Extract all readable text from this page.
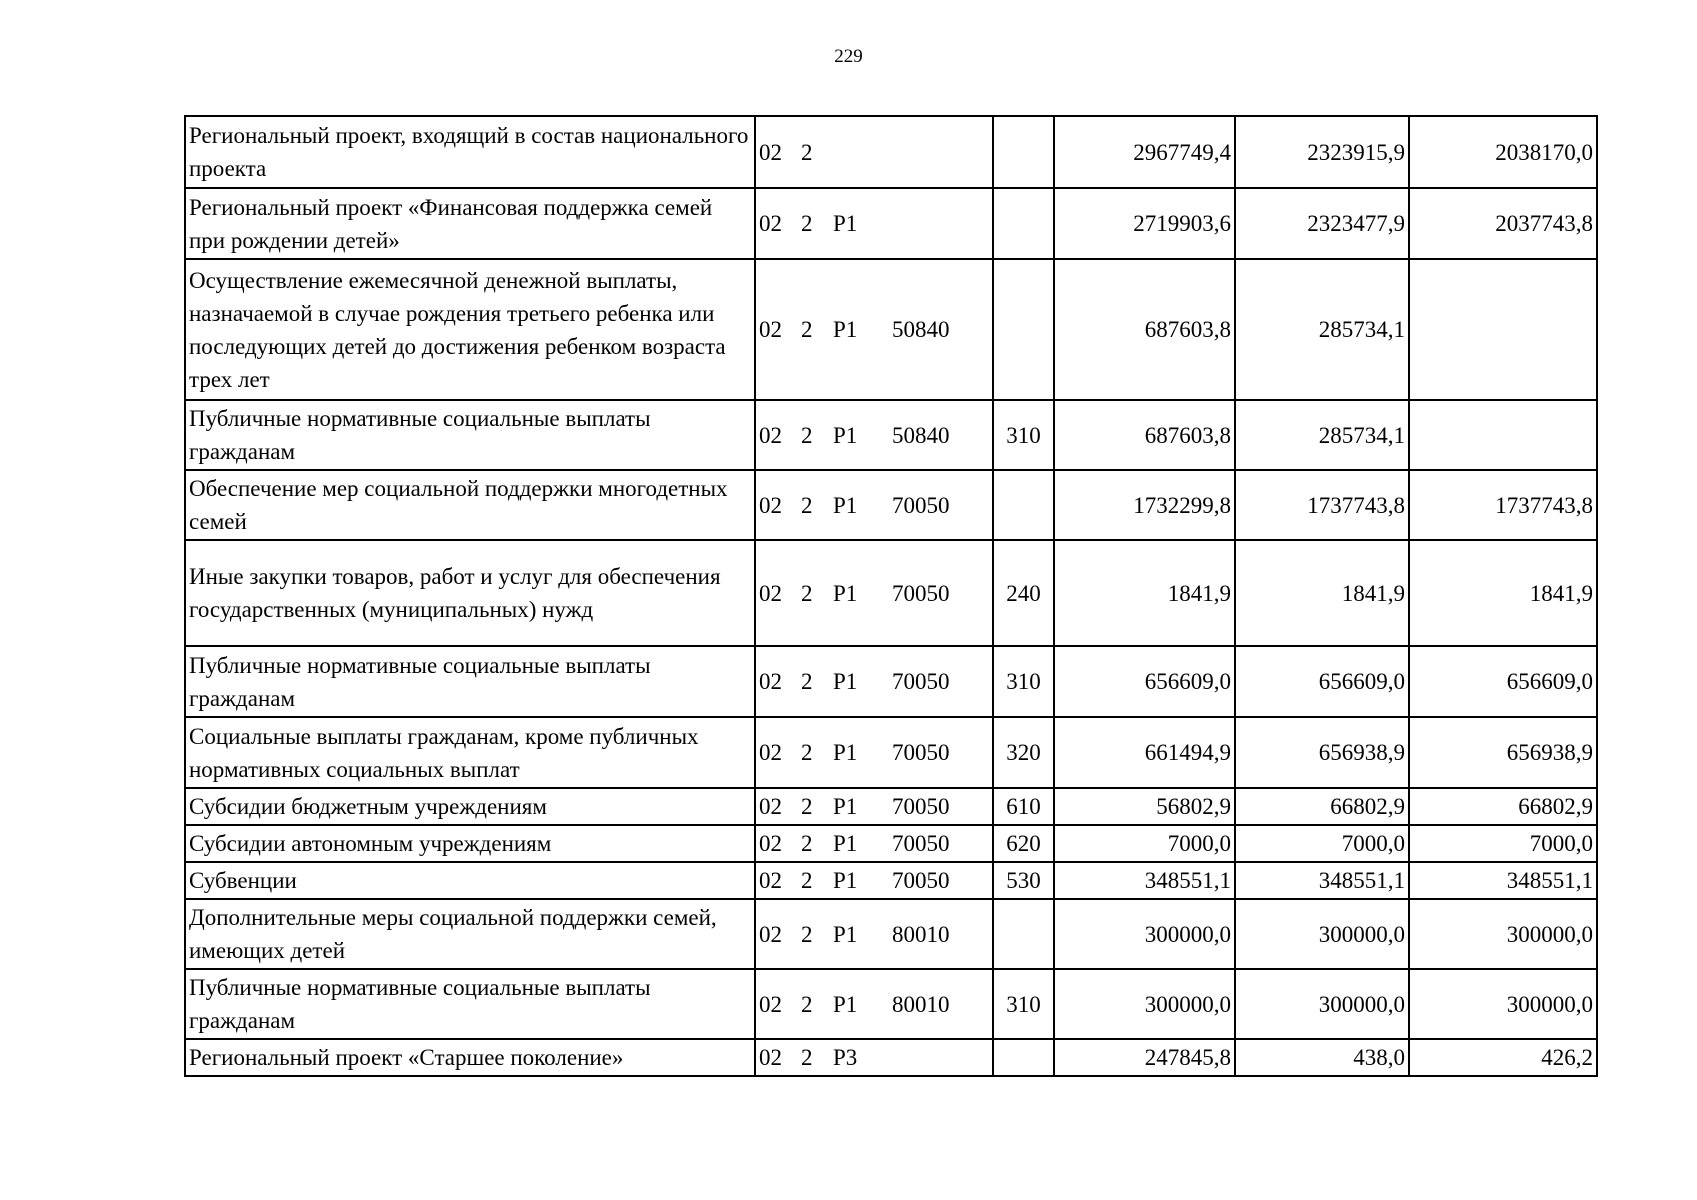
229
Региональный проект, входящий в состав национального проекта	02 2		2967749,4	2323915,9	2038170,0
Региональный проект «Финансовая поддержка семей при рождении детей»	02 2 P1		2719903,6	2323477,9	2037743,8
Осуществление ежемесячной денежной выплаты, назначаемой в случае рождения третьего ребенка или последующих детей до достижения ребенком возраста трех лет	02 2 P1 50840		687603,8	285734,1	
Публичные нормативные социальные выплаты гражданам	02 2 P1 50840	310	687603,8	285734,1	
Обеспечение мер социальной поддержки многодетных семей	02 2 P1 70050		1732299,8	1737743,8	1737743,8
Иные закупки товаров, работ и услуг для обеспечения государственных (муниципальных) нужд	02 2 P1 70050	240	1841,9	1841,9	1841,9
Публичные нормативные социальные выплаты гражданам	02 2 P1 70050	310	656609,0	656609,0	656609,0
Социальные выплаты гражданам, кроме публичных нормативных социальных выплат	02 2 P1 70050	320	661494,9	656938,9	656938,9
Субсидии бюджетным учреждениям	02 2 P1 70050	610	56802,9	66802,9	66802,9
Субсидии автономным учреждениям	02 2 P1 70050	620	7000,0	7000,0	7000,0
Субвенции	02 2 P1 70050	530	348551,1	348551,1	348551,1
Дополнительные меры социальной поддержки семей, имеющих детей	02 2 P1 80010		300000,0	300000,0	300000,0
Публичные нормативные социальные выплаты гражданам	02 2 P1 80010	310	300000,0	300000,0	300000,0
Региональный проект «Старшее поколение»	02 2 P3		247845,8	438,0	426,2
